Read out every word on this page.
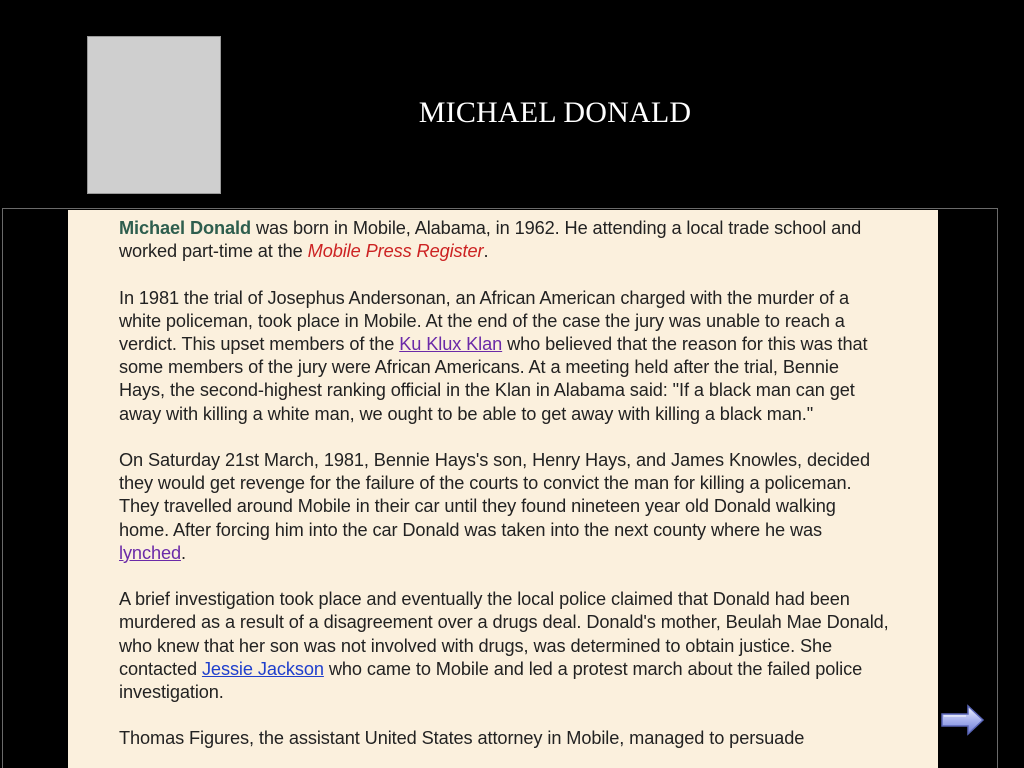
MICHAEL DONALD

Michael Donald was born in Mobile, Alabama, in 1962. He attending a local trade school and worked part-time at the Mobile Press Register.

In 1981 the trial of Josephus Andersonan, an African American charged with the murder of a white policeman, took place in Mobile. At the end of the case the jury was unable to reach a verdict. This upset members of the Ku Klux Klan who believed that the reason for this was that some members of the jury were African Americans. At a meeting held after the trial, Bennie Hays, the second-highest ranking official in the Klan in Alabama said: "If a black man can get away with killing a white man, we ought to be able to get away with killing a black man."

On Saturday 21st March, 1981, Bennie Hays's son, Henry Hays, and James Knowles, decided they would get revenge for the failure of the courts to convict the man for killing a policeman. They travelled around Mobile in their car until they found nineteen year old Donald walking home. After forcing him into the car Donald was taken into the next county where he was lynched.

A brief investigation took place and eventually the local police claimed that Donald had been murdered as a result of a disagreement over a drugs deal. Donald's mother, Beulah Mae Donald, who knew that her son was not involved with drugs, was determined to obtain justice. She contacted Jessie Jackson who came to Mobile and led a protest march about the failed police investigation.

Thomas Figures, the assistant United States attorney in Mobile, managed to persuade
